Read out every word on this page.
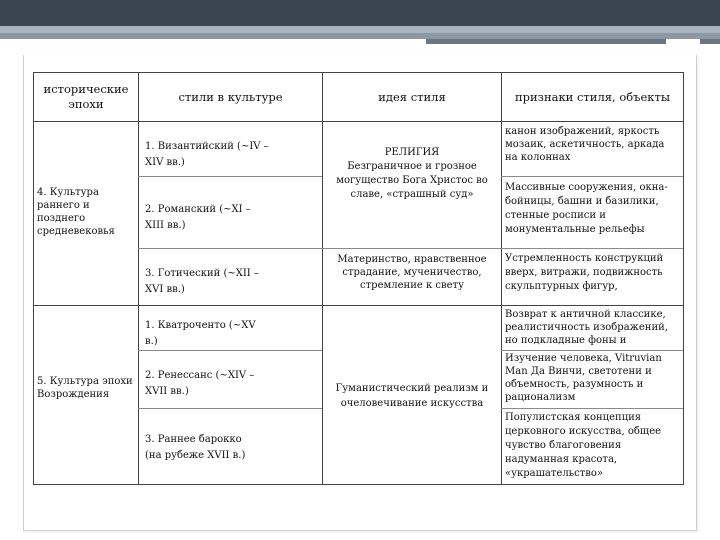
исторические эпохи
стили в культуре	идея стиля	признаки стиля, объекты
4. Культура раннего и позднего средневековья
5. Культура эпохи Возрождения
1. Византийский (~IV – XIV вв.)
2. Романский (~XI – XIII вв.)
3. Готический (~XII – XVI вв.)
1. Кватроченто (~XV в.)
2. Ренессанс (~XIV – XVII вв.)
3. Раннее барокко (на рубеже XVII в.)
РЕЛИГИЯ
Безграничное и грозное могущество Бога Христос во славе, «страшный суд»
Материнство, нравственное страдание, мученичество, стремление к свету
Гуманистический реализм и очеловечивание искусства
канон изображений, яркость мозаик, аскетичность, аркада на колоннах
Массивные сооружения, окна-бойницы, башни и базилики, стенные росписи и монументальные рельефы
Устремленность конструкций вверх, витражи, подвижность скульптурных фигур,
Возврат к античной классике, реалистичность изображений, но подкладные фоны и
Изучение человека, Vitruvian Man Да Винчи, светотени и объемность, разумность и рационализм
Популистская концепция церковного искусства, общее чувство благоговения надуманная красота, «украшательство»
